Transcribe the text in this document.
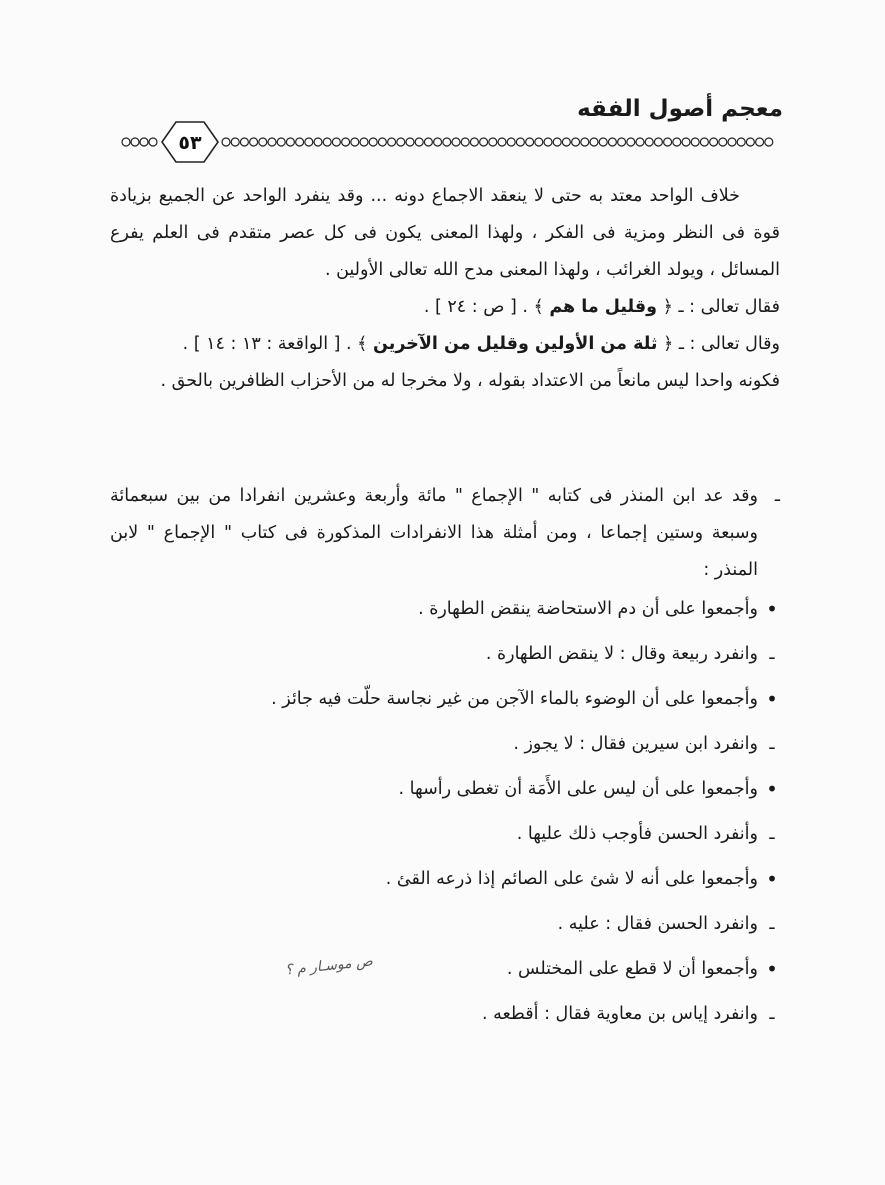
معجم أصول الفقه
٥٣

خلاف الواحد معتد به حتى لا ينعقد الاجماع دونه ... وقد ينفرد الواحد عن الجميع بزيادة قوة فى النظر ومزية فى الفكر ، ولهذا المعنى يكون فى كل عصر متقدم فى العلم يفرع المسائل ، ويولد الغرائب ، ولهذا المعنى مدح الله تعالى الأولين .

فقال تعالى : ـ ﴿ وقليل ما هم ﴾ . [ ص : ٢٤ ] .

وقال تعالى : ـ ﴿ ثلة من الأولين وقليل من الآخرين ﴾ . [ الواقعة : ١٣ : ١٤ ] .

فكونه واحدا ليس مانعاً من الاعتداد بقوله ، ولا مخرجا له من الأحزاب الظافرين بالحق .

ـ
وقد عد ابن المنذر فى كتابه " الإجماع " مائة وأربعة وعشرين انفرادا من بين سبعمائة وسبعة وستين إجماعا ، ومن أمثلة هذا الانفرادات المذكورة فى كتاب " الإجماع " لابن المنذر :

•
وأجمعوا على أن دم الاستحاضة ينقض الطهارة .
ـ
وانفرد ربيعة وقال : لا ينقض الطهارة .
•
وأجمعوا على أن الوضوء بالماء الآجن من غير نجاسة حلّت فيه جائز .
ـ
وانفرد ابن سيرين فقال : لا يجوز .
•
وأجمعوا على أن ليس على الأَمَة أن تغطى رأسها .
ـ
وأنفرد الحسن فأوجب ذلك عليها .
•
وأجمعوا على أنه لا شئ على الصائم إذا ذرعه القئ .
ـ
وانفرد الحسن فقال : عليه .
•
وأجمعوا أن لا قطع على المختلس .
ـ
وانفرد إياس بن معاوية فقال : أقطعه .
ص موسـار م ؟
